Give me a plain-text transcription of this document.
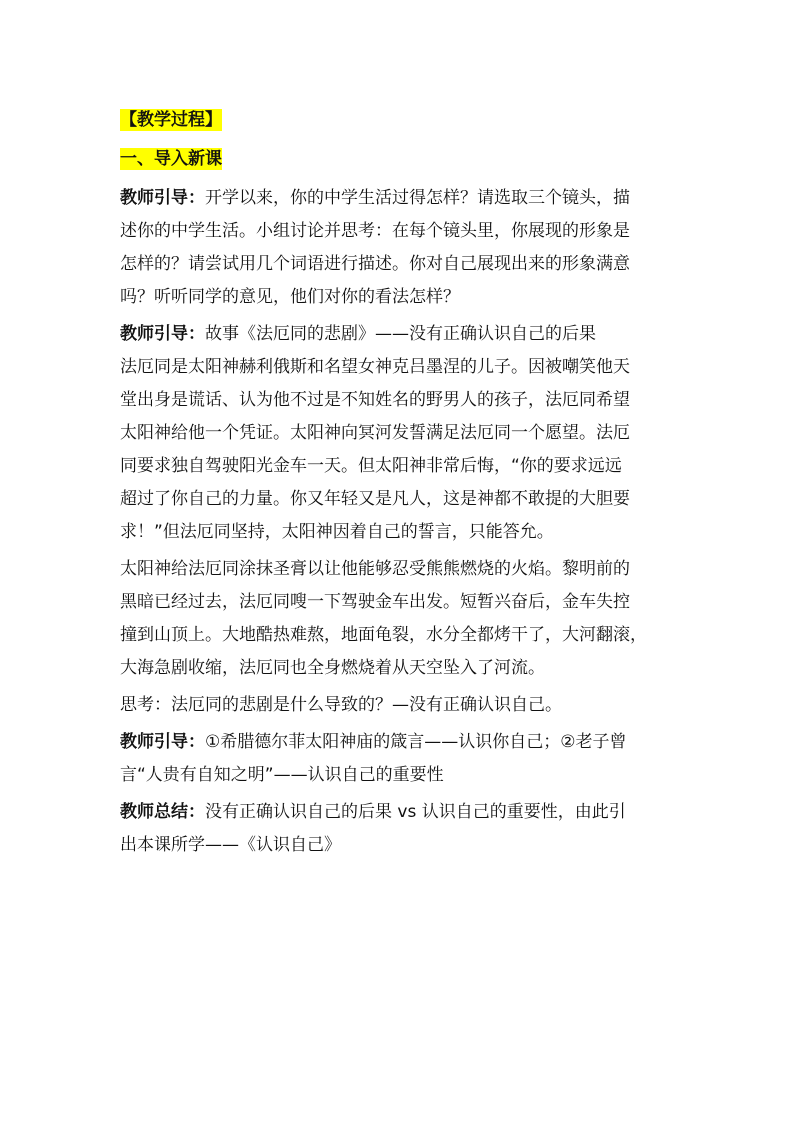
【教学过程】

一、导入新课

教师引导：开学以来，你的中学生活过得怎样？请选取三个镜头，描

述你的中学生活。小组讨论并思考：在每个镜头里，你展现的形象是

怎样的？请尝试用几个词语进行描述。你对自己展现出来的形象满意

吗？听听同学的意见，他们对你的看法怎样？

教师引导：故事《法厄同的悲剧》——没有正确认识自己的后果

法厄同是太阳神赫利俄斯和名望女神克吕墨涅的儿子。因被嘲笑他天

堂出身是谎话、认为他不过是不知姓名的野男人的孩子，法厄同希望

太阳神给他一个凭证。太阳神向冥河发誓满足法厄同一个愿望。法厄

同要求独自驾驶阳光金车一天。但太阳神非常后悔，“你的要求远远

超过了你自己的力量。你又年轻又是凡人，这是神都不敢提的大胆要

求！”但法厄同坚持，太阳神因着自己的誓言，只能答允。

太阳神给法厄同涂抹圣膏以让他能够忍受熊熊燃烧的火焰。黎明前的

黑暗已经过去，法厄同嗖一下驾驶金车出发。短暂兴奋后，金车失控

撞到山顶上。大地酷热难熬，地面龟裂，水分全都烤干了，大河翻滚，

大海急剧收缩，法厄同也全身燃烧着从天空坠入了河流。

思考：法厄同的悲剧是什么导致的？—没有正确认识自己。

教师引导：①希腊德尔菲太阳神庙的箴言——认识你自己；②老子曾

言“人贵有自知之明”——认识自己的重要性

教师总结：没有正确认识自己的后果 vs 认识自己的重要性，由此引

出本课所学——《认识自己》
